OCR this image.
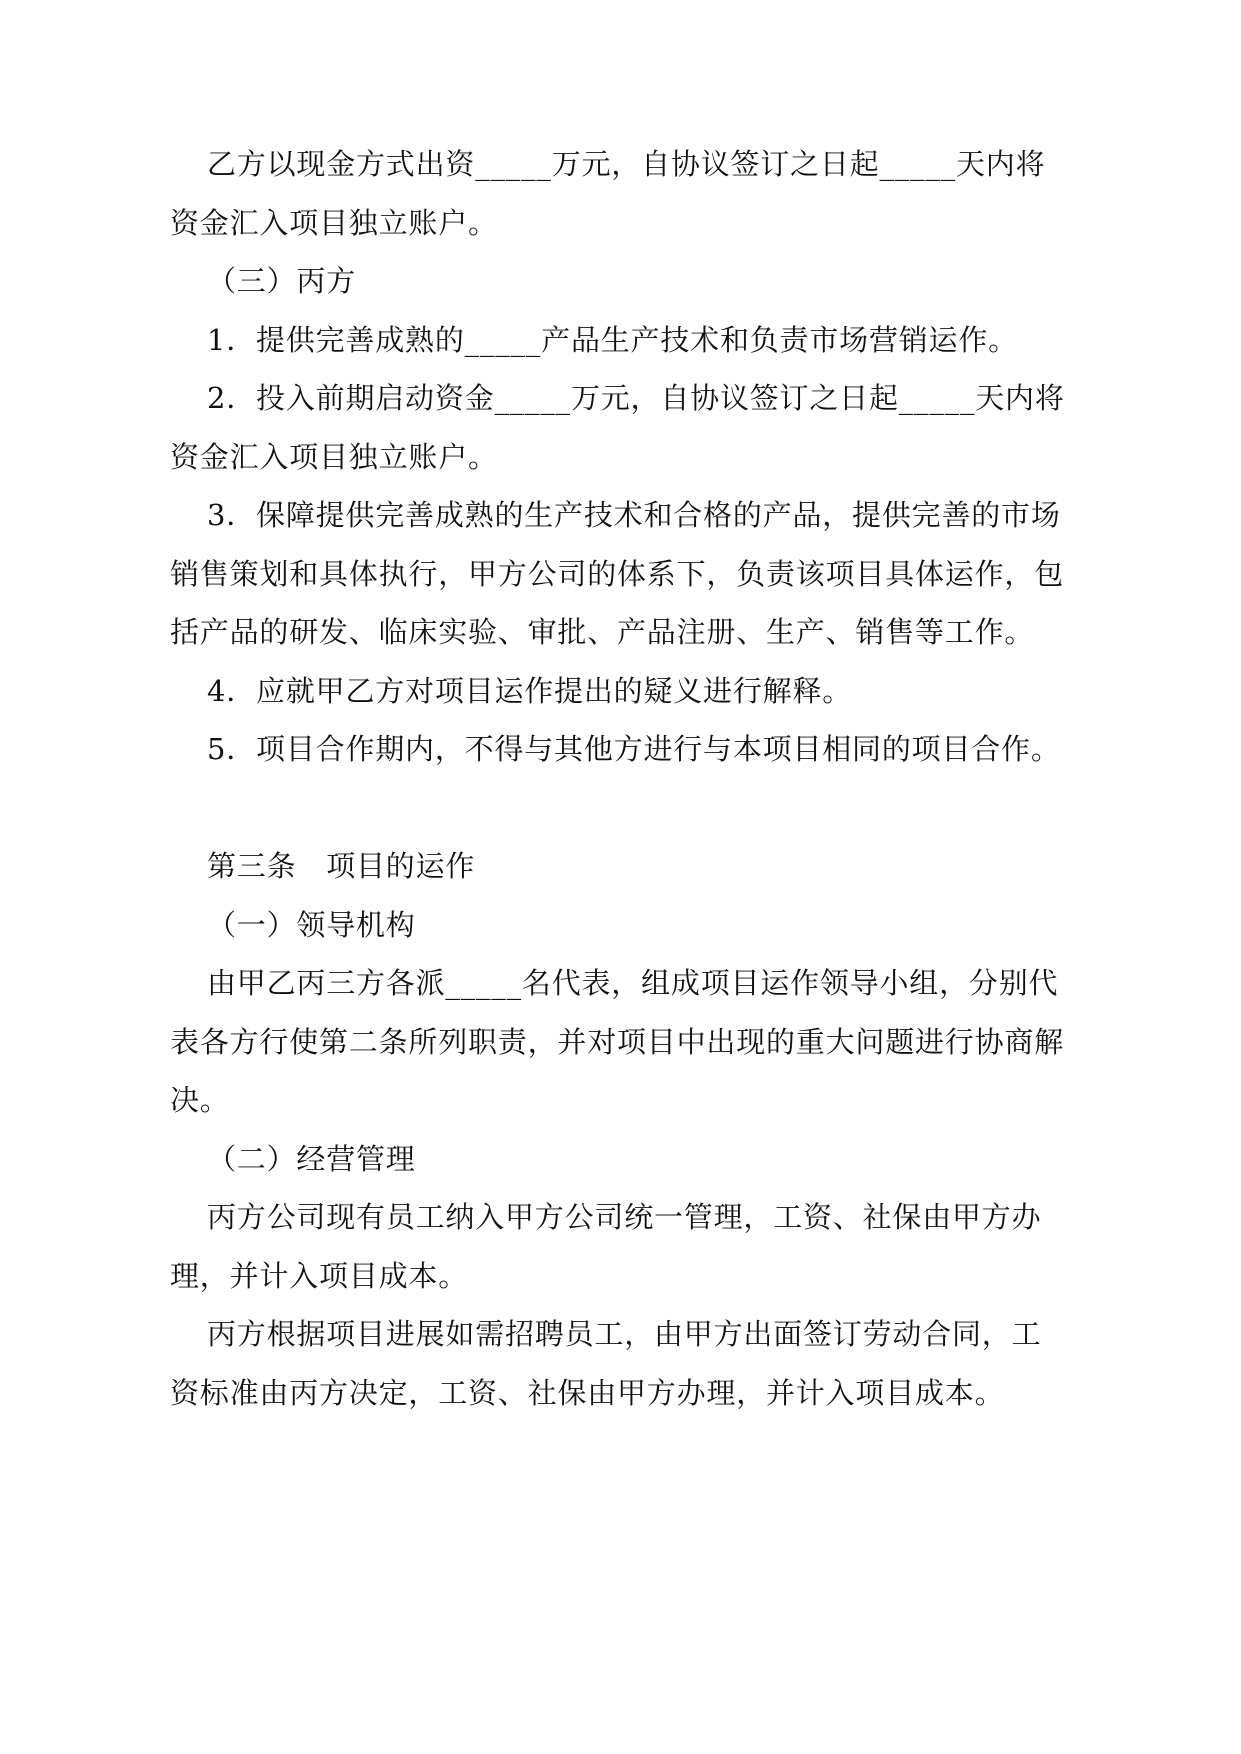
乙方以现金方式出资_____万元，自协议签订之日起_____天内将
资金汇入项目独立账户。
（三）丙方
1．提供完善成熟的_____产品生产技术和负责市场营销运作。
2．投入前期启动资金_____万元，自协议签订之日起_____天内将
资金汇入项目独立账户。
3．保障提供完善成熟的生产技术和合格的产品，提供完善的市场
销售策划和具体执行，甲方公司的体系下，负责该项目具体运作，包
括产品的研发、临床实验、审批、产品注册、生产、销售等工作。
4．应就甲乙方对项目运作提出的疑义进行解释。
5．项目合作期内，不得与其他方进行与本项目相同的项目合作。
第三条　项目的运作
（一）领导机构
由甲乙丙三方各派_____名代表，组成项目运作领导小组，分别代
表各方行使第二条所列职责，并对项目中出现的重大问题进行协商解
决。
（二）经营管理
丙方公司现有员工纳入甲方公司统一管理，工资、社保由甲方办
理，并计入项目成本。
丙方根据项目进展如需招聘员工，由甲方出面签订劳动合同，工
资标准由丙方决定，工资、社保由甲方办理，并计入项目成本。
